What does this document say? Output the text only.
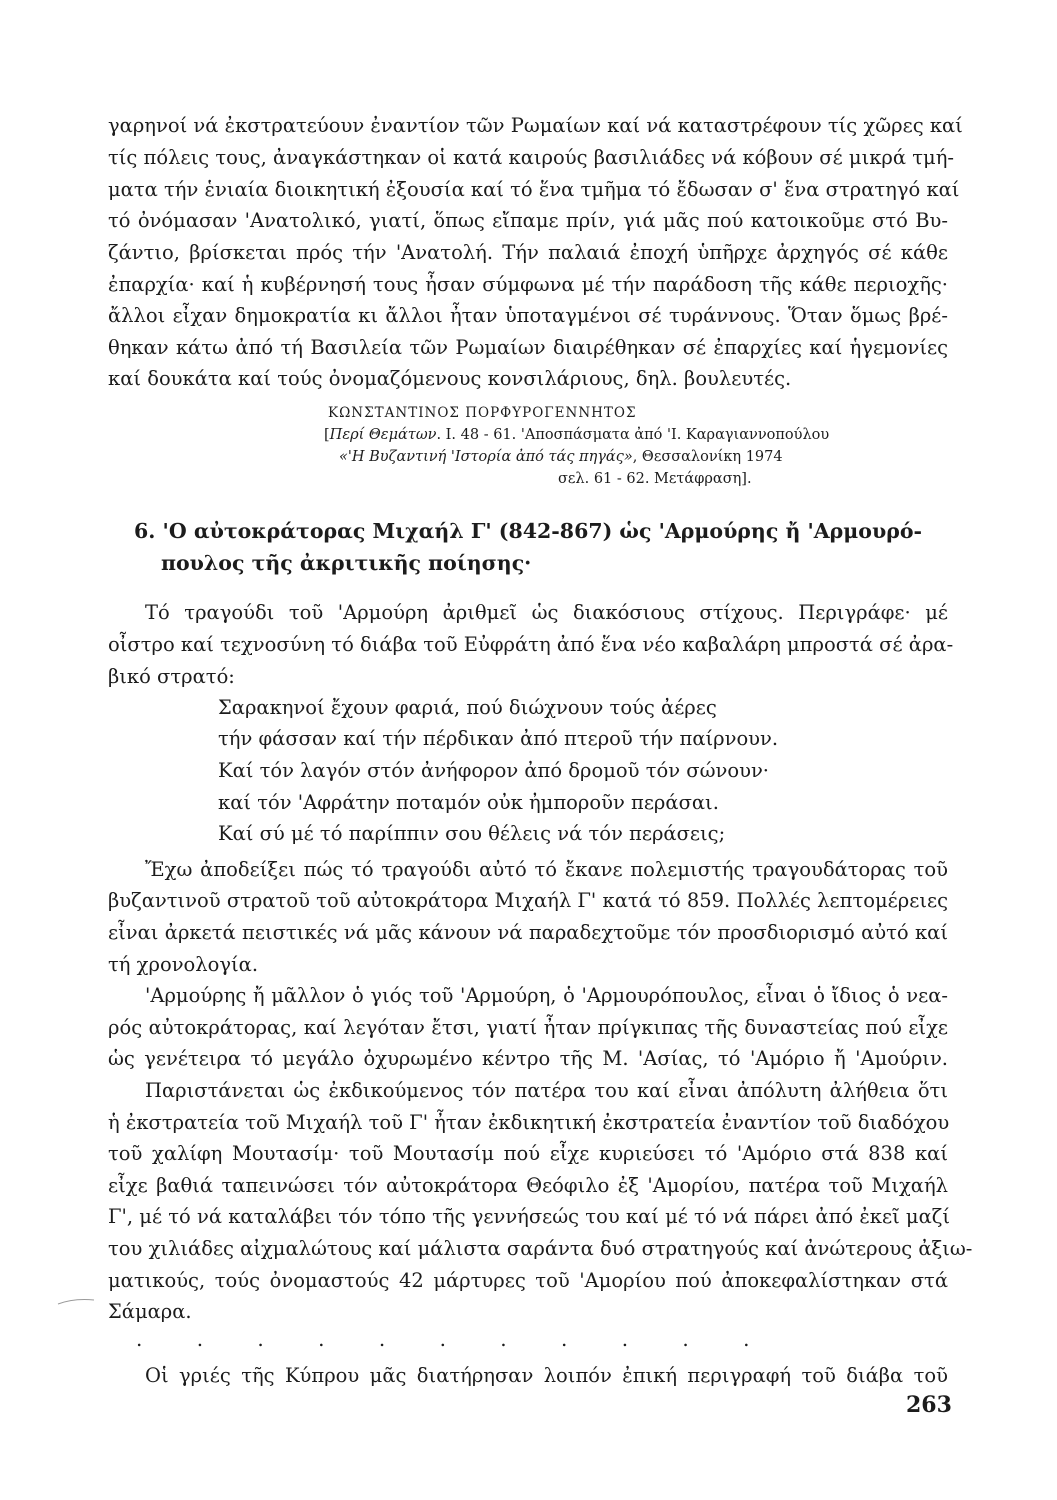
γαρηνοί νά ἐκστρατεύουν ἐναντίον τῶν Ρωμαίων καί νά καταστρέφουν τίς χῶρες καί
τίς πόλεις τους, ἀναγκάστηκαν οἱ κατά καιρούς βασιλιάδες νά κόβουν σέ μικρά τμή-
ματα τήν ἑνιαία διοικητική ἐξουσία καί τό ἕνα τμῆμα τό ἔδωσαν σ' ἕνα στρατηγό καί
τό ὀνόμασαν 'Ανατολικό, γιατί, ὅπως εἴπαμε πρίν, γιά μᾶς πού κατοικοῦμε στό Βυ-
ζάντιο, βρίσκεται πρός τήν 'Ανατολή. Τήν παλαιά ἐποχή ὑπῆρχε ἀρχηγός σέ κάθε
ἐπαρχία· καί ἡ κυβέρνησή τους ἦσαν σύμφωνα μέ τήν παράδοση τῆς κάθε περιοχῆς·
ἄλλοι εἶχαν δημοκρατία κι ἄλλοι ἦταν ὑποταγμένοι σέ τυράννους. Ὅταν ὅμως βρέ-
θηκαν κάτω ἀπό τή Βασιλεία τῶν Ρωμαίων διαιρέθηκαν σέ ἐπαρχίες καί ἡγεμονίες
καί δουκάτα καί τούς ὀνομαζόμενους κονσιλάριους, δηλ. βουλευτές.
ΚΩΝΣΤΑΝΤΙΝΟΣ ΠΟΡΦΥΡΟΓΕΝΝΗΤΟΣ
[Περί Θεμάτων. Ι. 48 - 61. 'Αποσπάσματα ἀπό 'Ι. Καραγιαννοπούλου
«'Η Βυζαντινή 'Ιστορία ἀπό τάς πηγάς», Θεσσαλονίκη 1974
σελ. 61 - 62. Μετάφραση].
6. 'Ο αὐτοκράτορας Μιχαήλ Γ' (842-867) ὡς 'Αρμούρης ἤ 'Αρμουρό-
πουλος τῆς ἀκριτικῆς ποίησης·
Τό τραγούδι τοῦ 'Αρμούρη ἀριθμεῖ ὡς διακόσιους στίχους. Περιγράφε· μέ
οἶστρο καί τεχνοσύνη τό διάβα τοῦ Εὐφράτη ἀπό ἕνα νέο καβαλάρη μπροστά σέ ἀρα-
βικό στρατό:
Σαρακηνοί ἔχουν φαριά, πού διώχνουν τούς ἀέρες
τήν φάσσαν καί τήν πέρδικαν ἀπό πτεροῦ τήν παίρνουν.
Καί τόν λαγόν στόν ἀνήφορον ἀπό δρομοῦ τόν σώνουν·
καί τόν 'Αφράτην ποταμόν οὐκ ἠμποροῦν περάσαι.
Καί σύ μέ τό παρίππιν σου θέλεις νά τόν περάσεις;
Ἔχω ἀποδείξει πώς τό τραγούδι αὐτό τό ἔκανε πολεμιστής τραγουδάτορας τοῦ
βυζαντινοῦ στρατοῦ τοῦ αὐτοκράτορα Μιχαήλ Γ' κατά τό 859. Πολλές λεπτομέρειες
εἶναι ἀρκετά πειστικές νά μᾶς κάνουν νά παραδεχτοῦμε τόν προσδιορισμό αὐτό καί
τή χρονολογία.
'Αρμούρης ἤ μᾶλλον ὁ γιός τοῦ 'Αρμούρη, ὁ 'Αρμουρόπουλος, εἶναι ὁ ἴδιος ὁ νεα-
ρός αὐτοκράτορας, καί λεγόταν ἔτσι, γιατί ἦταν πρίγκιπας τῆς δυναστείας πού εἶχε
ὡς γενέτειρα τό μεγάλο ὀχυρωμένο κέντρο τῆς Μ. 'Ασίας, τό 'Αμόριο ἤ 'Αμούριν.
Παριστάνεται ὡς ἐκδικούμενος τόν πατέρα του καί εἶναι ἀπόλυτη ἀλήθεια ὅτι
ἡ ἐκστρατεία τοῦ Μιχαήλ τοῦ Γ' ἦταν ἐκδικητική ἐκστρατεία ἐναντίον τοῦ διαδόχου
τοῦ χαλίφη Μουτασίμ· τοῦ Μουτασίμ πού εἶχε κυριεύσει τό 'Αμόριο στά 838 καί
εἶχε βαθιά ταπεινώσει τόν αὐτοκράτορα Θεόφιλο ἐξ 'Αμορίου, πατέρα τοῦ Μιχαήλ
Γ', μέ τό νά καταλάβει τόν τόπο τῆς γεννήσεώς του καί μέ τό νά πάρει ἀπό ἐκεῖ μαζί
του χιλιάδες αἰχμαλώτους καί μάλιστα σαράντα δυό στρατηγούς καί ἀνώτερους ἀξιω-
ματικούς, τούς ὀνομαστούς 42 μάρτυρες τοῦ 'Αμορίου πού ἀποκεφαλίστηκαν στά
Σάμαρα.
. . . . . . . . . . .
Οἱ γριές τῆς Κύπρου μᾶς διατήρησαν λοιπόν ἐπική περιγραφή τοῦ διάβα τοῦ
263
